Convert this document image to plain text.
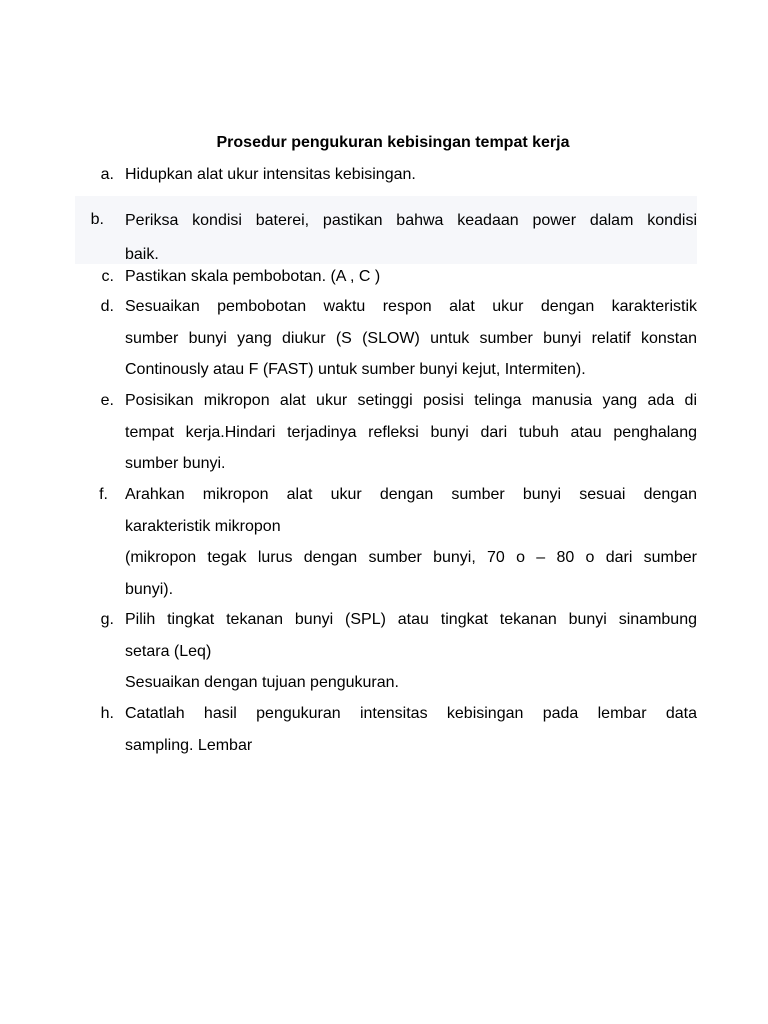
Prosedur pengukuran kebisingan tempat kerja
a. Hidupkan alat ukur intensitas kebisingan.
b. Periksa kondisi baterei, pastikan bahwa keadaan power dalam kondisi
baik.
c. Pastikan skala pembobotan. (A , C )
d. Sesuaikan pembobotan waktu respon alat ukur dengan karakteristik
sumber bunyi yang diukur (S (SLOW) untuk sumber bunyi relatif konstan
Continously atau F (FAST) untuk sumber bunyi kejut, Intermiten).
e. Posisikan mikropon alat ukur setinggi posisi telinga manusia yang ada di
tempat kerja.Hindari terjadinya refleksi bunyi dari tubuh atau penghalang
sumber bunyi.
f. Arahkan mikropon alat ukur dengan sumber bunyi sesuai dengan
karakteristik mikropon
(mikropon tegak lurus dengan sumber bunyi, 70 o – 80 o dari sumber
bunyi).
g. Pilih tingkat tekanan bunyi (SPL) atau tingkat tekanan bunyi sinambung
setara (Leq)
Sesuaikan dengan tujuan pengukuran.
h. Catatlah hasil pengukuran intensitas kebisingan pada lembar data
sampling. Lembar
